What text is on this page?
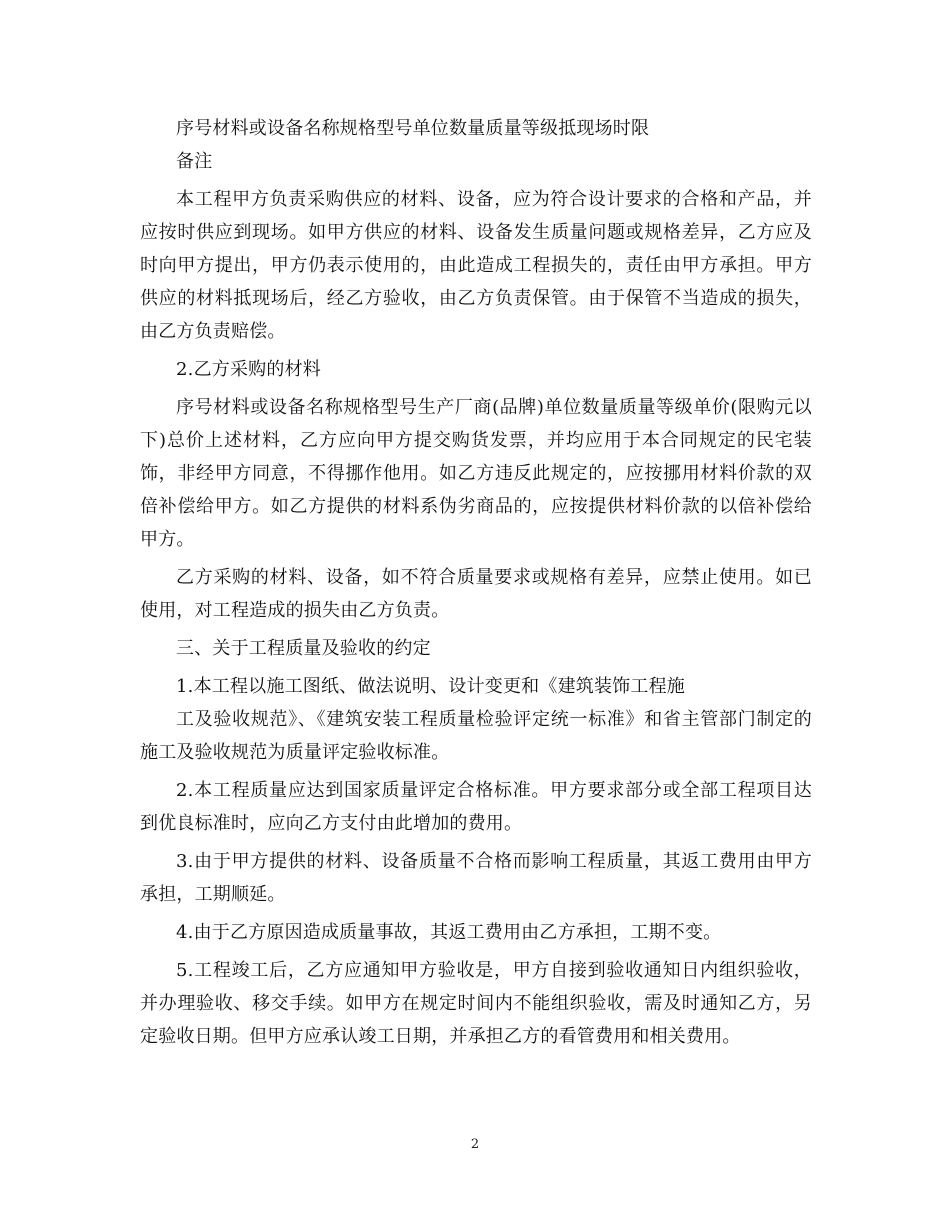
序号材料或设备名称规格型号单位数量质量等级抵现场时限

备注

本工程甲方负责采购供应的材料、设备，应为符合设计要求的合格和产品，并应按时供应到现场。如甲方供应的材料、设备发生质量问题或规格差异，乙方应及时向甲方提出，甲方仍表示使用的，由此造成工程损失的，责任由甲方承担。甲方供应的材料抵现场后，经乙方验收，由乙方负责保管。由于保管不当造成的损失，由乙方负责赔偿。

2.乙方采购的材料

序号材料或设备名称规格型号生产厂商(品牌)单位数量质量等级单价(限购元以下)总价上述材料，乙方应向甲方提交购货发票，并均应用于本合同规定的民宅装饰，非经甲方同意，不得挪作他用。如乙方违反此规定的，应按挪用材料价款的双倍补偿给甲方。如乙方提供的材料系伪劣商品的，应按提供材料价款的以倍补偿给甲方。

乙方采购的材料、设备，如不符合质量要求或规格有差异，应禁止使用。如已使用，对工程造成的损失由乙方负责。

三、关于工程质量及验收的约定

1.本工程以施工图纸、做法说明、设计变更和《建筑装饰工程施

工及验收规范》、《建筑安装工程质量检验评定统一标准》和省主管部门制定的施工及验收规范为质量评定验收标准。

2.本工程质量应达到国家质量评定合格标准。甲方要求部分或全部工程项目达到优良标准时，应向乙方支付由此增加的费用。

3.由于甲方提供的材料、设备质量不合格而影响工程质量，其返工费用由甲方承担，工期顺延。

4.由于乙方原因造成质量事故，其返工费用由乙方承担，工期不变。

5.工程竣工后，乙方应通知甲方验收是，甲方自接到验收通知日内组织验收，并办理验收、移交手续。如甲方在规定时间内不能组织验收，需及时通知乙方，另定验收日期。但甲方应承认竣工日期，并承担乙方的看管费用和相关费用。

2
